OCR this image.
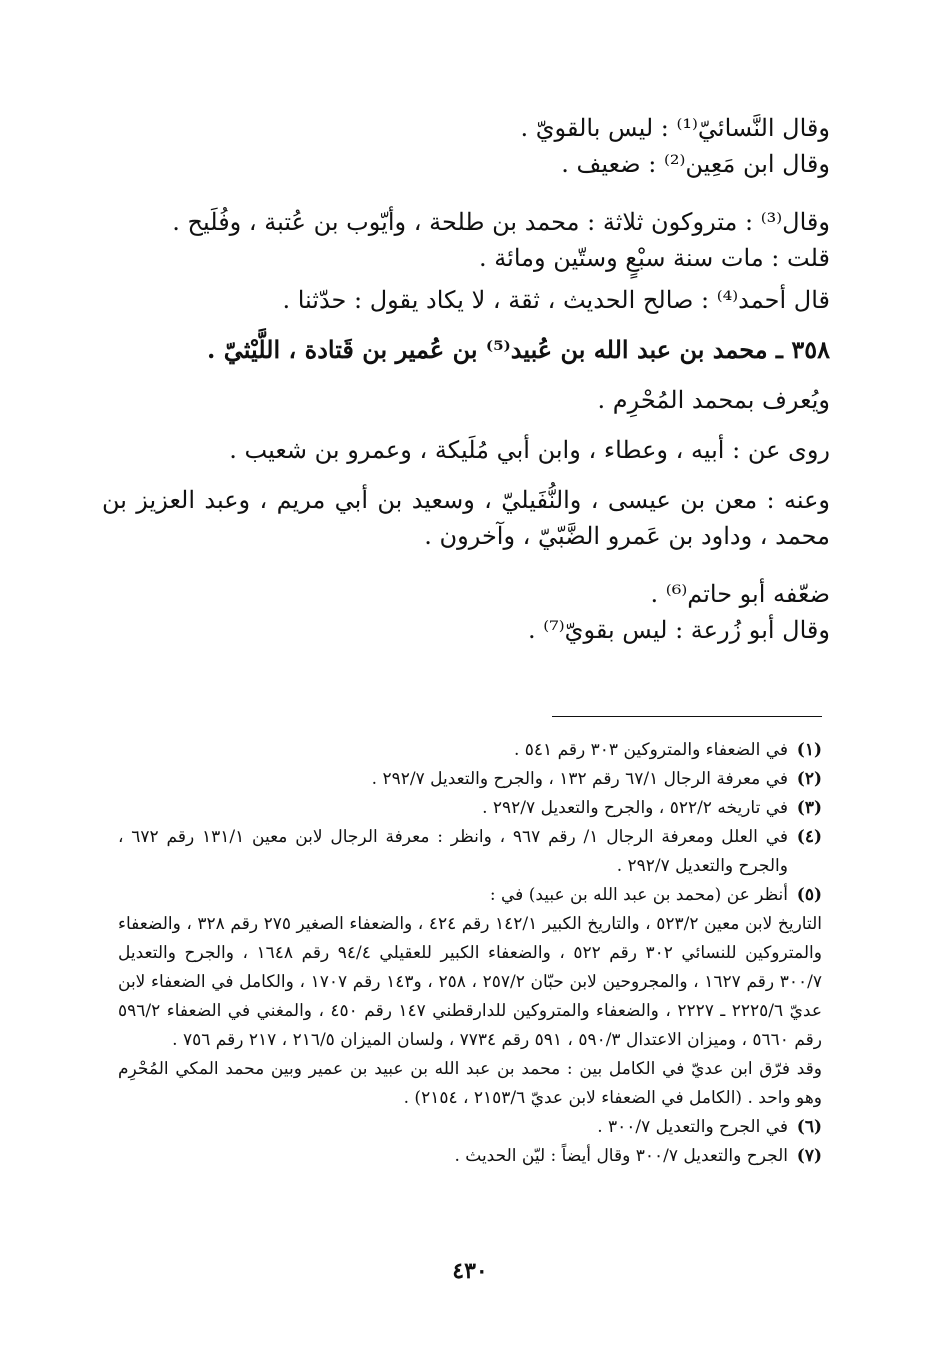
وقال النَّسائيّ⁽¹⁾ : ليس بالقويّ .
وقال ابن مَعِين⁽²⁾ : ضعيف .
وقال⁽³⁾ : متروكون ثلاثة : محمد بن طلحة ، وأيّوب بن عُتبة ، وفُلَيح .
قلت : مات سنة سبْعٍ وستّين ومائة .
قال أحمد⁽⁴⁾ : صالح الحديث ، ثقة ، لا يكاد يقول : حدّثنا .
٣٥٨ ـ محمد بن عبد الله بن عُبيد⁽⁵⁾ بن عُمير بن قَتادة ، اللَّيْثيّ .
ويُعرف بمحمد المُحْرِم .
روى عن : أبيه ، وعطاء ، وابن أبي مُلَيكة ، وعمرو بن شعيب .
وعنه : معن بن عيسى ، والنُّفَيليّ ، وسعيد بن أبي مريم ، وعبد العزيز بن محمد ، وداود بن عَمرو الضَّبّيّ ، وآخرون .
ضعّفه أبو حاتم⁽⁶⁾ .
وقال أبو زُرعة : ليس بقويّ⁽⁷⁾ .
(١)
في الضعفاء والمتروكين ٣٠٣ رقم ٥٤١ .
(٢)
في معرفة الرجال ٦٧/١ رقم ١٣٢ ، والجرح والتعديل ٢٩٢/٧ .
(٣)
في تاريخه ٥٢٢/٢ ، والجرح والتعديل ٢٩٢/٧ .
(٤)
في العلل ومعرفة الرجال ١/ رقم ٩٦٧ ، وانظر : معرفة الرجال لابن معين ١٣١/١ رقم ٦٧٢ ، والجرح والتعديل ٢٩٢/٧ .
(٥)
أنظر عن (محمد بن عبد الله بن عبيد) في :
التاريخ لابن معين ٥٢٣/٢ ، والتاريخ الكبير ١٤٢/١ رقم ٤٢٤ ، والضعفاء الصغير ٢٧٥ رقم ٣٢٨ ، والضعفاء والمتروكين للنسائي ٣٠٢ رقم ٥٢٢ ، والضعفاء الكبير للعقيلي ٩٤/٤ رقم ١٦٤٨ ، والجرح والتعديل ٣٠٠/٧ رقم ١٦٢٧ ، والمجروحين لابن حبّان ٢٥٧/٢ ، ٢٥٨ ، و١٤٣ رقم ١٧٠٧ ، والكامل في الضعفاء لابن عديّ ٢٢٢٥/٦ ـ ٢٢٢٧ ، والضعفاء والمتروكين للدارقطني ١٤٧ رقم ٤٥٠ ، والمغني في الضعفاء ٥٩٦/٢ رقم ٥٦٦٠ ، وميزان الاعتدال ٥٩٠/٣ ، ٥٩١ رقم ٧٧٣٤ ، ولسان الميزان ٢١٦/٥ ، ٢١٧ رقم ٧٥٦ .
وقد فرّق ابن عديّ في الكامل بين : محمد بن عبد الله بن عبيد بن عمير وبين محمد المكي المُحْرِم وهو واحد . (الكامل في الضعفاء لابن عديّ ٢١٥٣/٦ ، ٢١٥٤) .
(٦)
في الجرح والتعديل ٣٠٠/٧ .
(٧)
الجرح والتعديل ٣٠٠/٧ وقال أيضاً : ليّن الحديث .
٤٣٠
